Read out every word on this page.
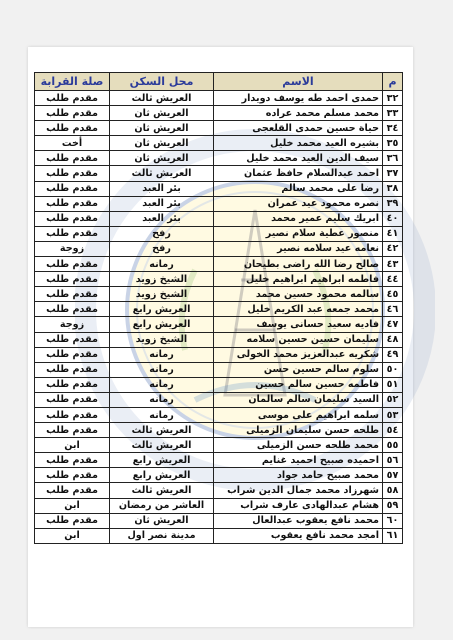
م	الاسم	محل السكن	صلة القرابة
٣٢	حمدى احمد طه يوسف دويدار	العريش ثالث	مقدم طلب
٣٣	محمد مسلم محمد عراده	العريش ثان	مقدم طلب
٣٤	حياة حسين حمدى القلعجى	العريش ثان	مقدم طلب
٣٥	بشيره العيد محمد خليل	العريش ثان	أخت
٣٦	سيف الدين العيد محمد خليل	العريش ثان	مقدم طلب
٣٧	احمد عبدالسلام حافظ عثمان	العريش ثالث	مقدم طلب
٣٨	رضا على محمد سالم	بئر العبد	مقدم طلب
٣٩	نصره محمود عيد عمران	بئر العبد	مقدم طلب
٤٠	ابريك سليم عمير محمد	بئر العبد	مقدم طلب
٤١	منصور عطية سلام نصير	رفح	مقدم طلب
٤٢	نعامه عيد سلامه نصير	رفح	زوجة
٤٣	صالح رضا الله راضى بطيحان	رمانه	مقدم طلب
٤٤	فاطمه ابراهيم ابراهيم خليل	الشيخ زويد	مقدم طلب
٤٥	سالمه محمود حسين محمد	الشيخ زويد	مقدم طلب
٤٦	محمد جمعه عبد الكريم خليل	العريش رابع	مقدم طلب
٤٧	فاديه سعيد حسانى يوسف	العريش رابع	زوجة
٤٨	سليمان حسين حسين سلامه	الشيخ زويد	مقدم طلب
٤٩	شكريه عبدالعزيز محمد الخولى	رمانه	مقدم طلب
٥٠	سلوم سالم حسين حسن	رمانه	مقدم طلب
٥١	فاطمه حسين سالم حسين	رمانه	مقدم طلب
٥٢	السيد سليمان سالم سالمان	رمانه	مقدم طلب
٥٣	سلمه ابراهيم على موسى	رمانه	مقدم طلب
٥٤	طلحه حسن سليمان الزميلى	العريش ثالث	مقدم طلب
٥٥	محمد طلحه حسن الزميلى	العريش ثالث	ابن
٥٦	احميده صبيح احميد غنايم	العريش رابع	مقدم طلب
٥٧	محمد صبيح حامد جواد	العريش رابع	مقدم طلب
٥٨	شهرزاد محمد جمال الدين شراب	العريش ثالث	مقدم طلب
٥٩	هشام عبدالهادى عارف شراب	العاشر من رمضان	ابن
٦٠	محمد نافع يعقوب عبدالعال	العريش ثان	مقدم طلب
٦١	امجد محمد نافع يعقوب	مدينة نصر اول	ابن
